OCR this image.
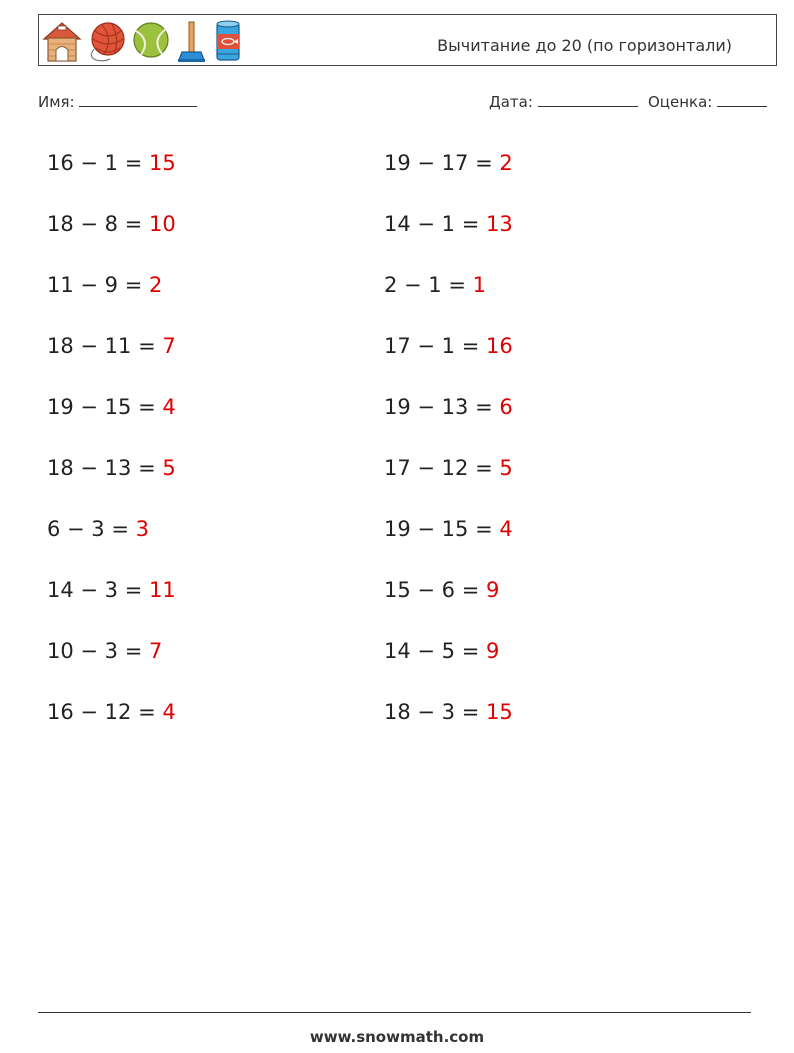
Вычитание до 20 (по горизонтали)
Имя:	Дата:	Оценка:
16 − 1 = 15
18 − 8 = 10
11 − 9 = 2
18 − 11 = 7
19 − 15 = 4
18 − 13 = 5
6 − 3 = 3
14 − 3 = 11
10 − 3 = 7
16 − 12 = 4
19 − 17 = 2
14 − 1 = 13
2 − 1 = 1
17 − 1 = 16
19 − 13 = 6
17 − 12 = 5
19 − 15 = 4
15 − 6 = 9
14 − 5 = 9
18 − 3 = 15
www.snowmath.com
